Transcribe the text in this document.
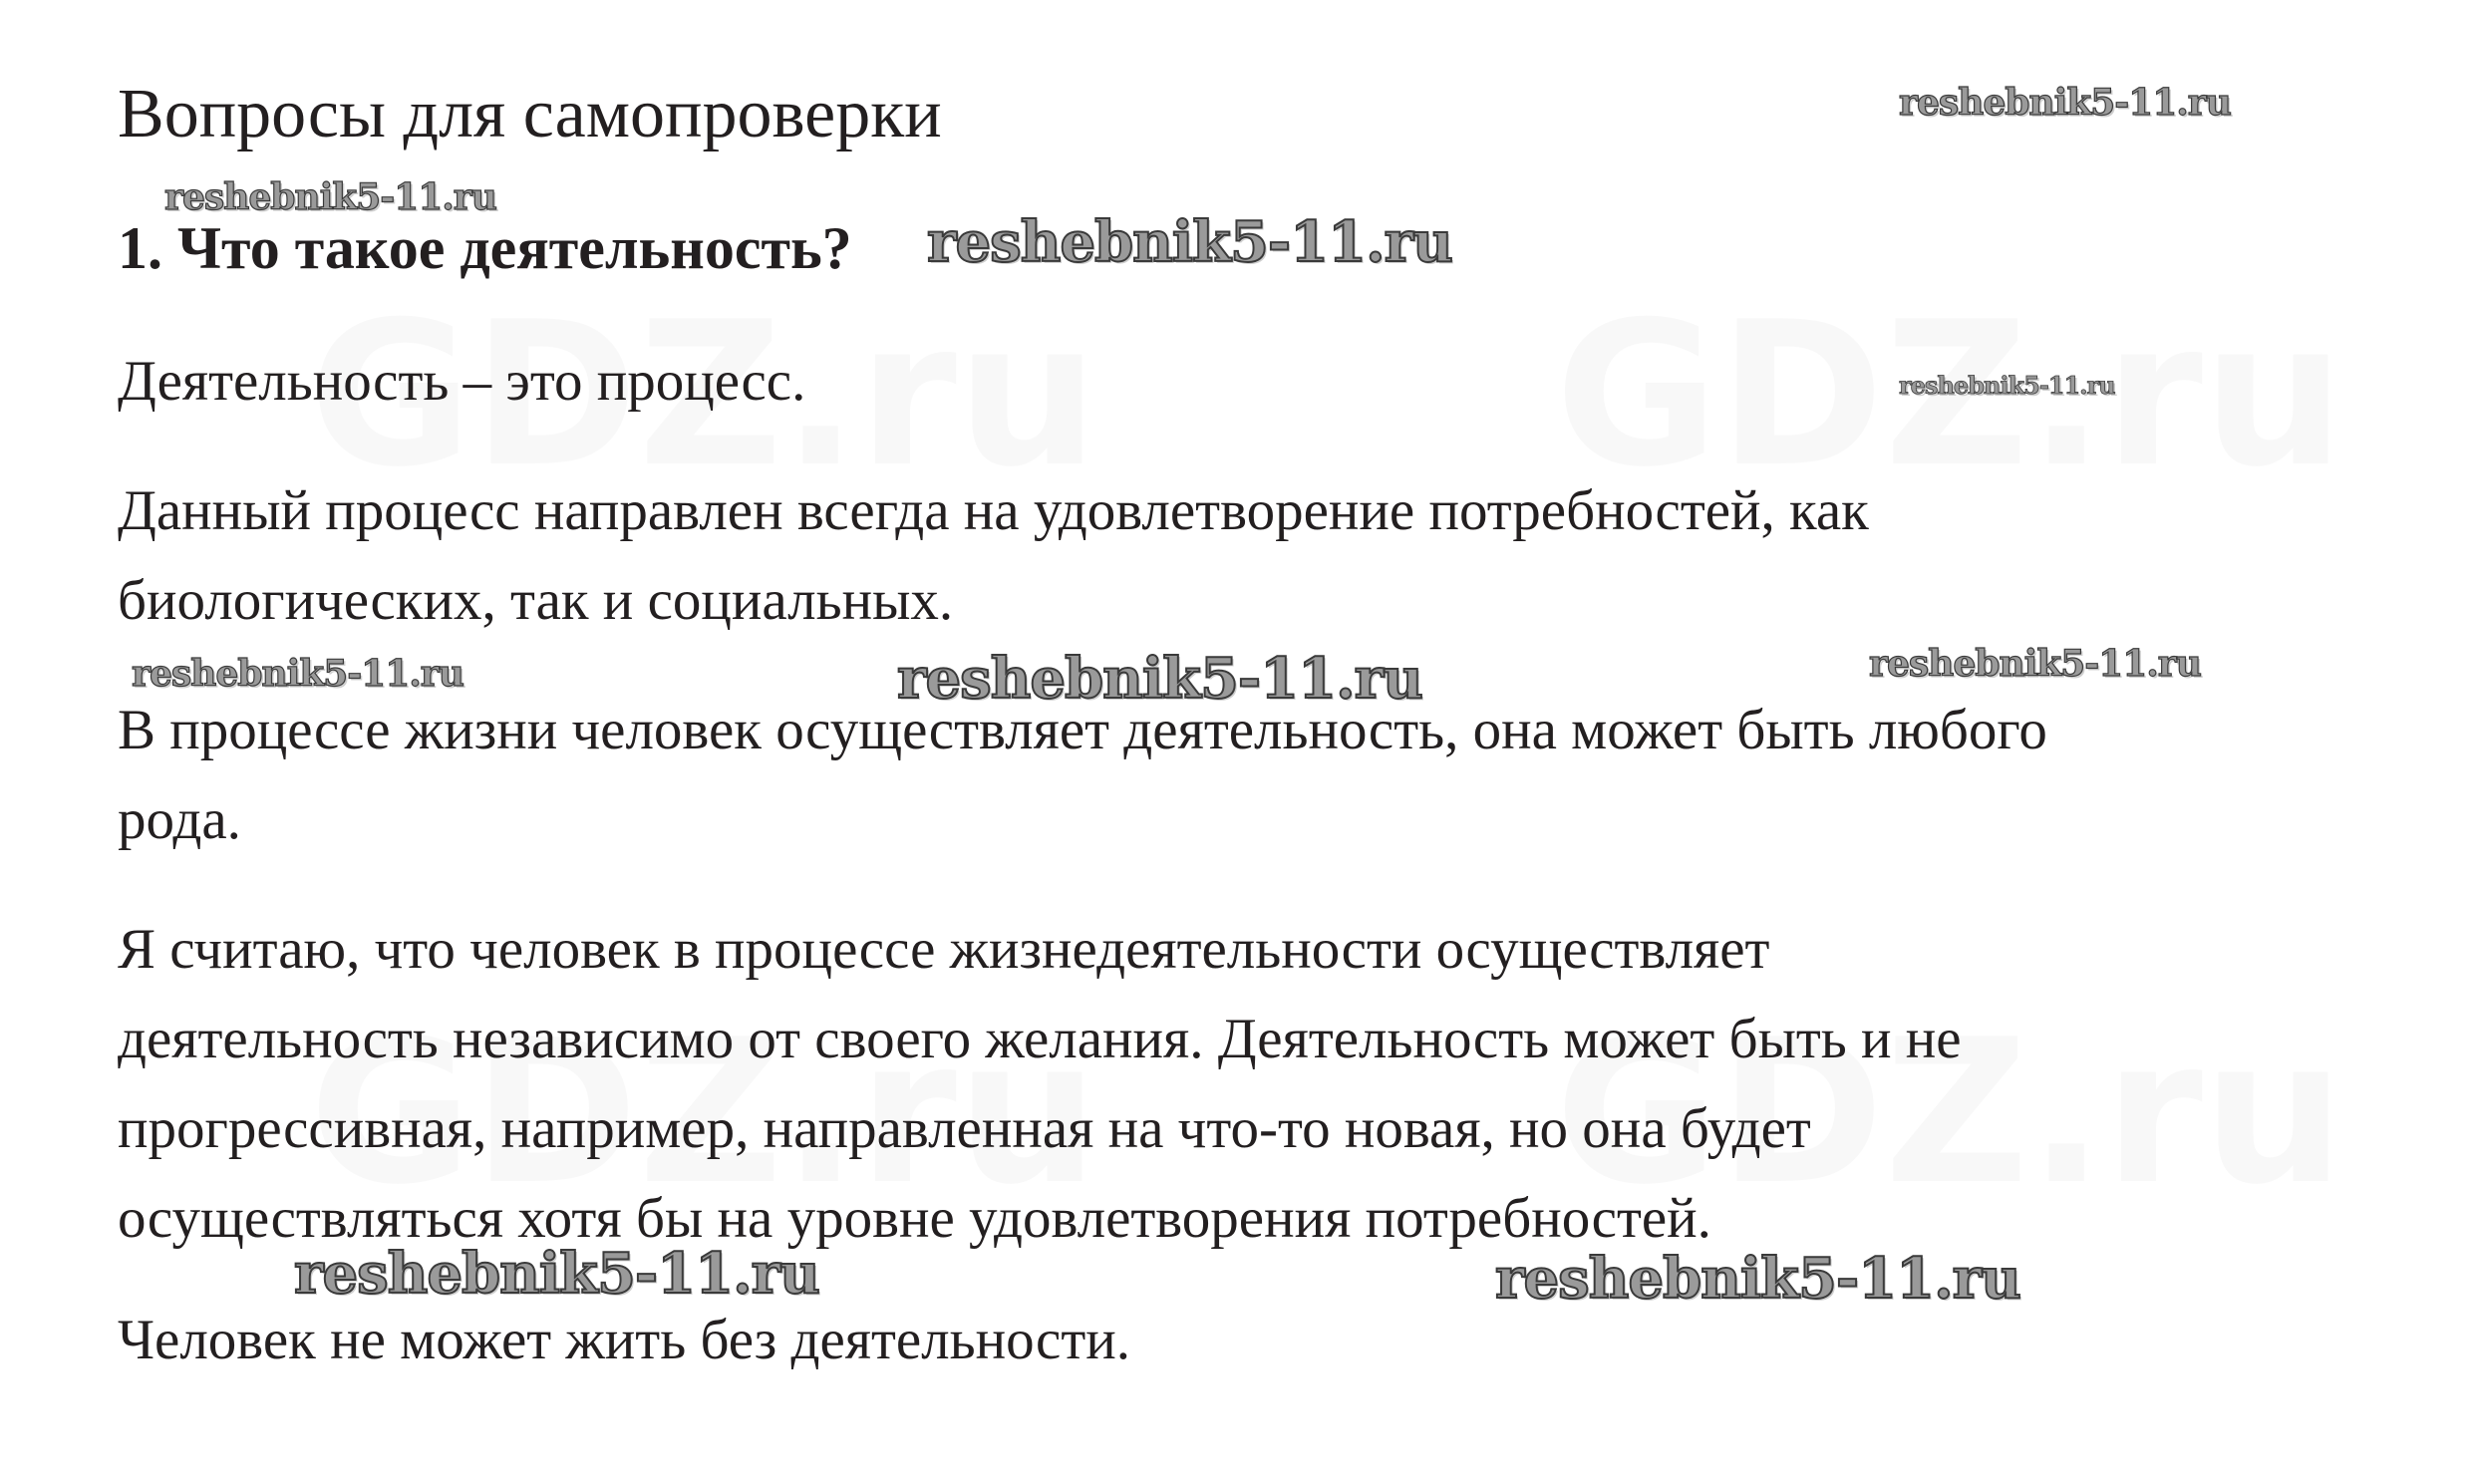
Вопросы для самопроверки
1. Что такое деятельность?
Деятельность – это процесс.
Данный процесс направлен всегда на удовлетворение потребностей, как
биологических, так и социальных.
В процессе жизни человек осуществляет деятельность, она может быть любого
рода.
Я считаю, что человек в процессе жизнедеятельности осуществляет
деятельность независимо от своего желания. Деятельность может быть и не
прогрессивная, например, направленная на что-то новая, но она будет
осуществляться хотя бы на уровне удовлетворения потребностей.
Человек не может жить без деятельности.
reshebnik5-11.ru
reshebnik5-11.ru
reshebnik5-11.ru
reshebnik5-11.ru
reshebnik5-11.ru	reshebnik5-11.ru	reshebnik5-11.ru
reshebnik5-11.ru	reshebnik5-11.ru
